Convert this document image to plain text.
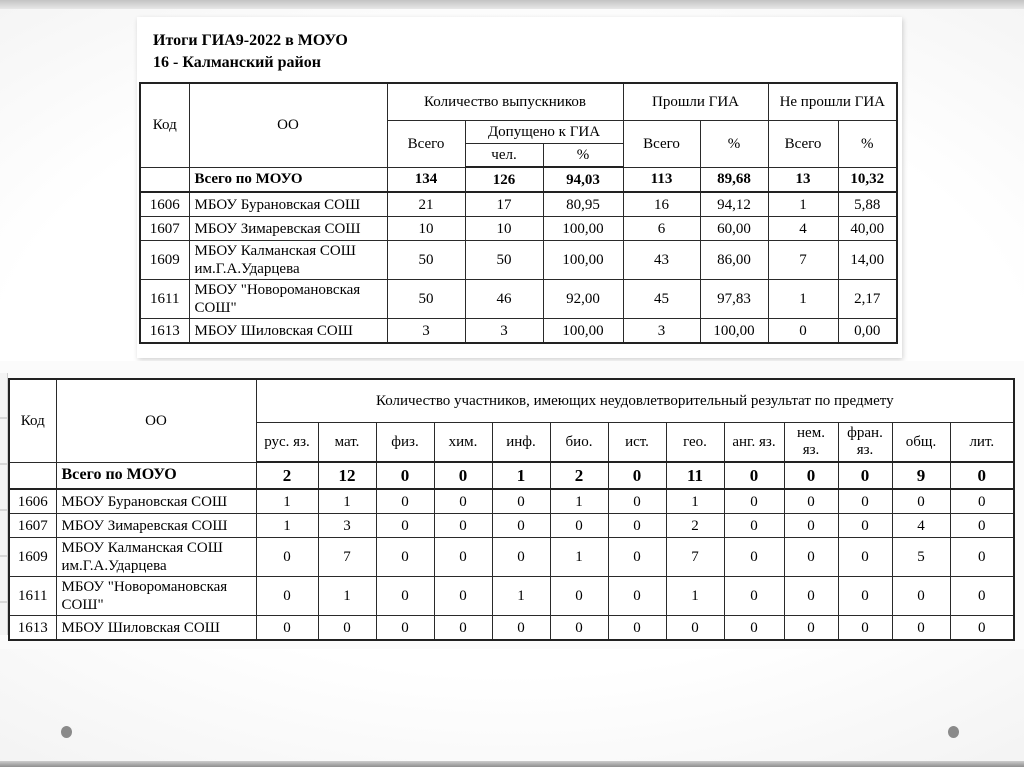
Итоги ГИА9-2022 в МОУО
16 - Калманский район
Код	ОО	Количество выпускников			Прошли ГИА		Не прошли ГИА	
		Всего	Допущено к ГИА		Всего	%	Всего	%
			чел.	%				
	Всего по МОУО	134	126	94,03	113	89,68	13	10,32
1606	МБОУ Бурановская СОШ	21	17	80,95	16	94,12	1	5,88
1607	МБОУ Зимаревская СОШ	10	10	100,00	6	60,00	4	40,00
1609	МБОУ Калманская СОШ им.Г.А.Ударцева	50	50	100,00	43	86,00	7	14,00
1611	МБОУ "Новоромановская СОШ"	50	46	92,00	45	97,83	1	2,17
1613	МБОУ Шиловская СОШ	3	3	100,00	3	100,00	0	0,00
Код	ОО	Количество участников, имеющих неудовлетворительный результат по предмету												
		рус. яз.	мат.	физ.	хим.	инф.	био.	ист.	гео.	анг. яз.	нем. яз.	фран. яз.	общ.	лит.
	Всего по МОУО	2	12	0	0	1	2	0	11	0	0	0	9	0
1606	МБОУ Бурановская СОШ	1	1	0	0	0	1	0	1	0	0	0	0	0
1607	МБОУ Зимаревская СОШ	1	3	0	0	0	0	0	2	0	0	0	4	0
1609	МБОУ Калманская СОШ им.Г.А.Ударцева	0	7	0	0	0	1	0	7	0	0	0	5	0
1611	МБОУ "Новоромановская СОШ"	0	1	0	0	1	0	0	1	0	0	0	0	0
1613	МБОУ Шиловская СОШ	0	0	0	0	0	0	0	0	0	0	0	0	0
